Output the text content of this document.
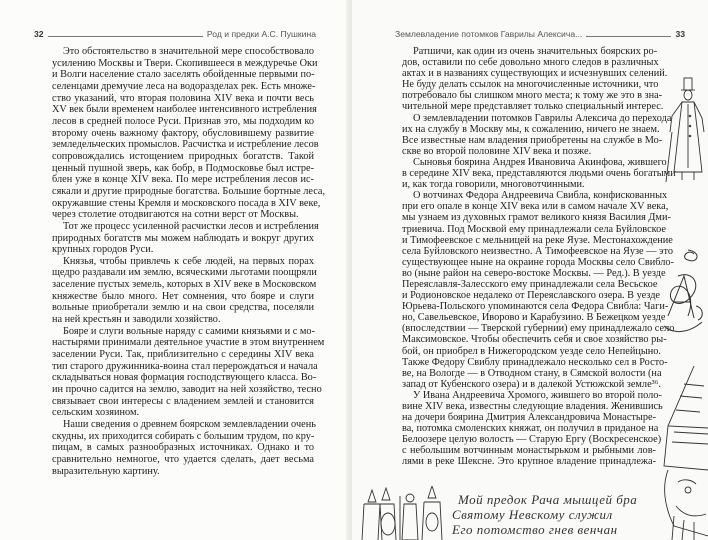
32	Род и предки А.С. Пушкина
Это обстоятельство в значительной мере способствовало
усилению Москвы и Твери. Скопившееся в междуречье Оки
и Волги население стало заселять обойденные первыми по-
селенцами дремучие леса на водоразделах рек. Есть множе-
ство указаний, что вторая половина XIV века и почти весь
XV век были временем наиболее интенсивного истребления
лесов в средней полосе Руси. Признав это, мы подходим ко
второму очень важному фактору, обусловившему развитие
земледельческих промыслов. Расчистка и истребление лесов
сопровождались истощением природных богатств. Такой
ценный пушной зверь, как бобр, в Подмосковье был истре-
блен уже в конце XIV века. По мере истребления лесов ис-
сякали и другие природные богатства. Большие бортные леса,
окружавшие стены Кремля и московского посада в XIV веке,
через столетие отодвигаются на сотни верст от Москвы.
Тот же процесс усиленной расчистки лесов и истребления
природных богатств мы можем наблюдать и вокруг других
крупных городов Руси.
Князья, чтобы привлечь к себе людей, на первых порах
щедро раздавали им землю, всяческими льготами поощряли
заселение пустых земель, которых в XIV веке в Московском
княжестве было много. Нет сомнения, что бояре и слуги
вольные приобретали землю и на свои средства, поселяли
на ней крестьян и заводили хозяйство.
Бояре и слуги вольные наряду с самими князьями и с мо-
настырями принимали деятельное участие в этом внутреннем
заселении Руси. Так, приблизительно с середины XIV века
тип старого дружинника-воина стал перерождаться и начала
складываться новая формация господствующего класса. Во-
ин прочно садится на землю, заводит на ней хозяйство, тесно
связывает свои интересы с владением землей и становится
сельским хозяином.
Наши сведения о древнем боярском землевладении очень
скудны, их приходится собирать с большим трудом, по кру-
пицам, в самых разнообразных источниках. Однако и то
сравнительно немногое, что удается сделать, дает весьма
выразительную картину.
Землевладение потомков Гаврилы Алексича...	33
Ратшичи, как один из очень значительных боярских ро-
дов, оставили по себе довольно много следов в различных
актах и в названиях существующих и исчезнувших селений.
Не буду делать ссылок на многочисленные источники, что
потребовало бы слишком много места; к тому же это в зна-
чительной мере представляет только специальный интерес.
О землевладении потомков Гаврилы Алексича до перехода
их на службу в Москву мы, к сожалению, ничего не знаем.
Все известные нам владения приобретены на службе в Мо-
скве во второй половине XIV века и позже.
Сыновья боярина Андрея Ивановича Акинфова, жившего
в середине XIV века, представляются людьми очень богатыми
и, как тогда говорили, многовотчинными.
О вотчинах Федора Андреевича Свибла, конфискованных
при его опале в конце XIV века или в самом начале XV века,
мы узнаем из духовных грамот великого князя Василия Дми-
триевича. Под Москвой ему принадлежали села Буйловское
и Тимофеевское с мельницей на реке Яузе. Местонахождение
села Буйловского неизвестно. А Тимофеевское на Яузе — это
существующее ныне на окраине города Москвы село Свибло-
во (ныне район на северо-востоке Москвы. — Ред.). В уезде
Переяславля-Залесского ему принадлежали села Весьское
и Родионовское недалеко от Переяславского озера. В уезде
Юрьева-Польского упоминаются села Федора Свибла: Чаги-
но, Савельевское, Иворово и Карабузино. В Бежецком уезде
(впоследствии — Тверской губернии) ему принадлежало село
Максимовское. Чтобы обеспечить себя и свое хозяйство ры-
бой, он приобрел в Нижегородском уезде село Непейцыно.
Также Федору Свиблу принадлежало несколько сел в Росто-
ве, на Вологде — в Отводном стану, в Сямской волости (на
запад от Кубенского озера) и в далекой Устюжской земле³⁶.
У Ивана Андреевича Хромого, жившего во второй поло-
вине XIV века, известны следующие владения. Женившись
на дочери боярина Дмитрия Александровича Монастыре-
ва, потомка смоленских княжат, он получил в приданое на
Белоозере целую волость — Старую Ергу (Воскресенское)
с небольшим вотчинным монастырьком и рыбными лов-
лями в реке Шексне. Это крупное владение принадлежа-
Мой предок Рача мышцей бра
Святому Невскому служил
Его потомство гнев венчан
